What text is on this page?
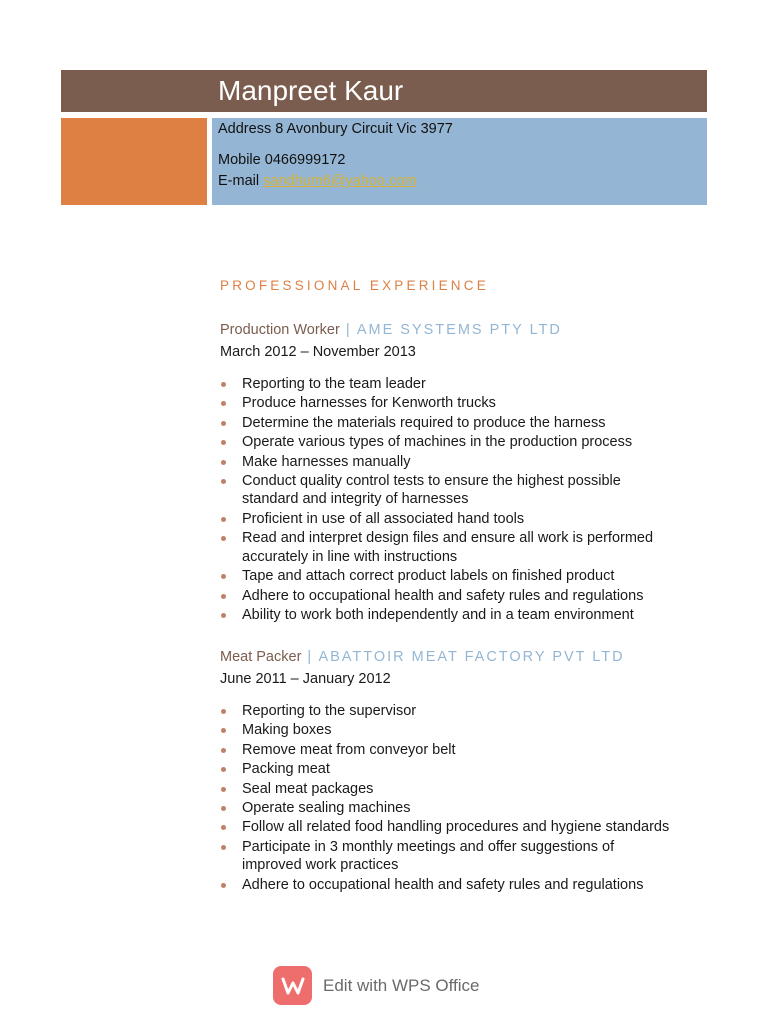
Manpreet Kaur
Address 8 Avonbury Circuit Vic 3977
Mobile 0466999172
E-mail sandhum6@yahoo.com
PROFESSIONAL EXPERIENCE
Production Worker | AME SYSTEMS PTY LTD
March 2012 – November 2013
Reporting to the team leader
Produce harnesses for Kenworth trucks
Determine the materials required to produce the harness
Operate various types of machines in the production process
Make harnesses manually
Conduct quality control tests to ensure the highest possible standard and integrity of harnesses
Proficient in use of all associated hand tools
Read and interpret design files and ensure all work is performed accurately in line with instructions
Tape and attach correct product labels on finished product
Adhere to occupational health and safety rules and regulations
Ability to work both independently and in a team environment
Meat Packer | ABATTOIR MEAT FACTORY PVT LTD
June 2011 – January 2012
Reporting to the supervisor
Making boxes
Remove meat from conveyor belt
Packing meat
Seal meat packages
Operate sealing machines
Follow all related food handling procedures and hygiene standards
Participate in 3 monthly meetings and offer suggestions of improved work practices
Adhere to occupational health and safety rules and regulations
Edit with WPS Office
